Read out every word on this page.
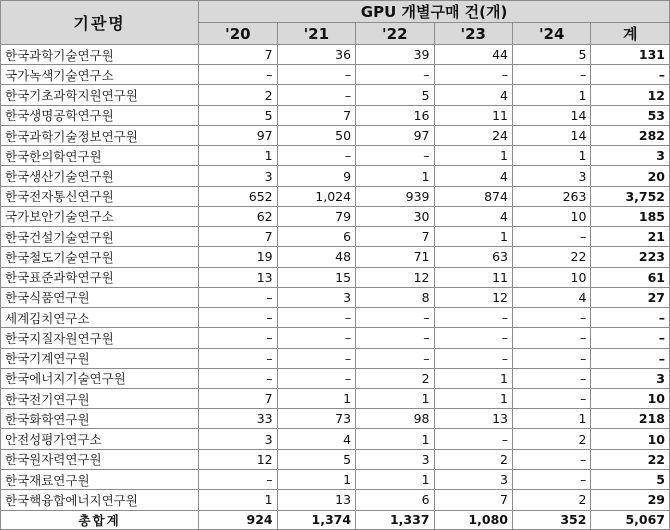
기관명	GPU 개별구매 건(개)					
	'20	'21	'22	'23	'24	계
한국과학기술연구원	7	36	39	44	5	131
국가녹색기술연구소	–	–	–	–	–	–
한국기초과학지원연구원	2	–	5	4	1	12
한국생명공학연구원	5	7	16	11	14	53
한국과학기술정보연구원	97	50	97	24	14	282
한국한의학연구원	1	–	–	1	1	3
한국생산기술연구원	3	9	1	4	3	20
한국전자통신연구원	652	1,024	939	874	263	3,752
국가보안기술연구소	62	79	30	4	10	185
한국건설기술연구원	7	6	7	1	–	21
한국철도기술연구원	19	48	71	63	22	223
한국표준과학연구원	13	15	12	11	10	61
한국식품연구원	–	3	8	12	4	27
세계김치연구소	–	–	–	–	–	–
한국지질자원연구원	–	–	–	–	–	–
한국기계연구원	–	–	–	–	–	–
한국에너지기술연구원	–	–	2	1	–	3
한국전기연구원	7	1	1	1	–	10
한국화학연구원	33	73	98	13	1	218
안전성평가연구소	3	4	1	–	2	10
한국원자력연구원	12	5	3	2	–	22
한국재료연구원	–	1	1	3	–	5
한국핵융합에너지연구원	1	13	6	7	2	29
총합계	924	1,374	1,337	1,080	352	5,067
